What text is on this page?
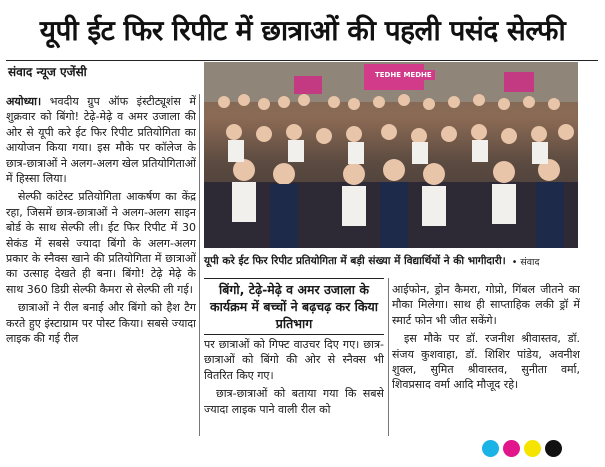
यूपी ईट फिर रिपीट में छात्राओं की पहली पसंद सेल्फी
संवाद न्यूज एजेंसी

अयोध्या। भवदीय ग्रुप ऑफ इंस्टीट्यूशंस में शुक्रवार को बिंगो! टेढ़े-मेढ़े व अमर उजाला की ओर से यूपी करे ईट फिर रिपीट प्रतियोगिता का आयोजन किया गया। इस मौके पर कॉलेज के छात्र-छात्राओं ने अलग-अलग खेल प्रतियोगिताओं में हिस्सा लिया।

सेल्फी कांटेस्ट प्रतियोगिता आकर्षण का केंद्र रहा, जिसमें छात्र-छात्राओं ने अलग-अलग साइन बोर्ड के साथ सेल्फी ली। ईट फिर रिपीट में 30 सेकंड में सबसे ज्यादा बिंगो के अलग-अलग प्रकार के स्नैक्स खाने की प्रतियोगिता में छात्राओं का उत्साह देखते ही बना। बिंगो! टेढ़े मेढ़े के साथ 360 डिग्री सेल्फी कैमरा से सेल्फी ली गई।

छात्राओं ने रील बनाई और बिंगो को हैश टैग करते हुए इंस्टाग्राम पर पोस्ट किया। सबसे ज्यादा लाइक की गई रील

TEDHE MEDHE
यूपी करे ईट फिर रिपीट प्रतियोगिता में बड़ी संख्या में विद्यार्थियों ने की भागीदारी। • संवाद
बिंगो, टेढ़े-मेढ़े व अमर उजाला के कार्यक्रम में बच्चों ने बढ़चढ़ कर किया प्रतिभाग

पर छात्राओं को गिफ्ट वाउचर दिए गए। छात्र-छात्राओं को बिंगो की ओर से स्नैक्स भी वितरित किए गए।

छात्र-छात्राओं को बताया गया कि सबसे ज्यादा लाइक पाने वाली रील को

आईफोन, ड्रोन कैमरा, गोप्रो, गिंबल जीतने का मौका मिलेगा। साथ ही साप्ताहिक लकी ड्रॉ में स्मार्ट फोन भी जीत सकेंगे।

इस मौके पर डॉ. रजनीश श्रीवास्तव, डॉ. संजय कुशवाहा, डॉ. शिशिर पांडेय, अवनीश शुक्ल, सुमित श्रीवास्तव, सुनीता वर्मा, शिवप्रसाद वर्मा आदि मौजूद रहे।
